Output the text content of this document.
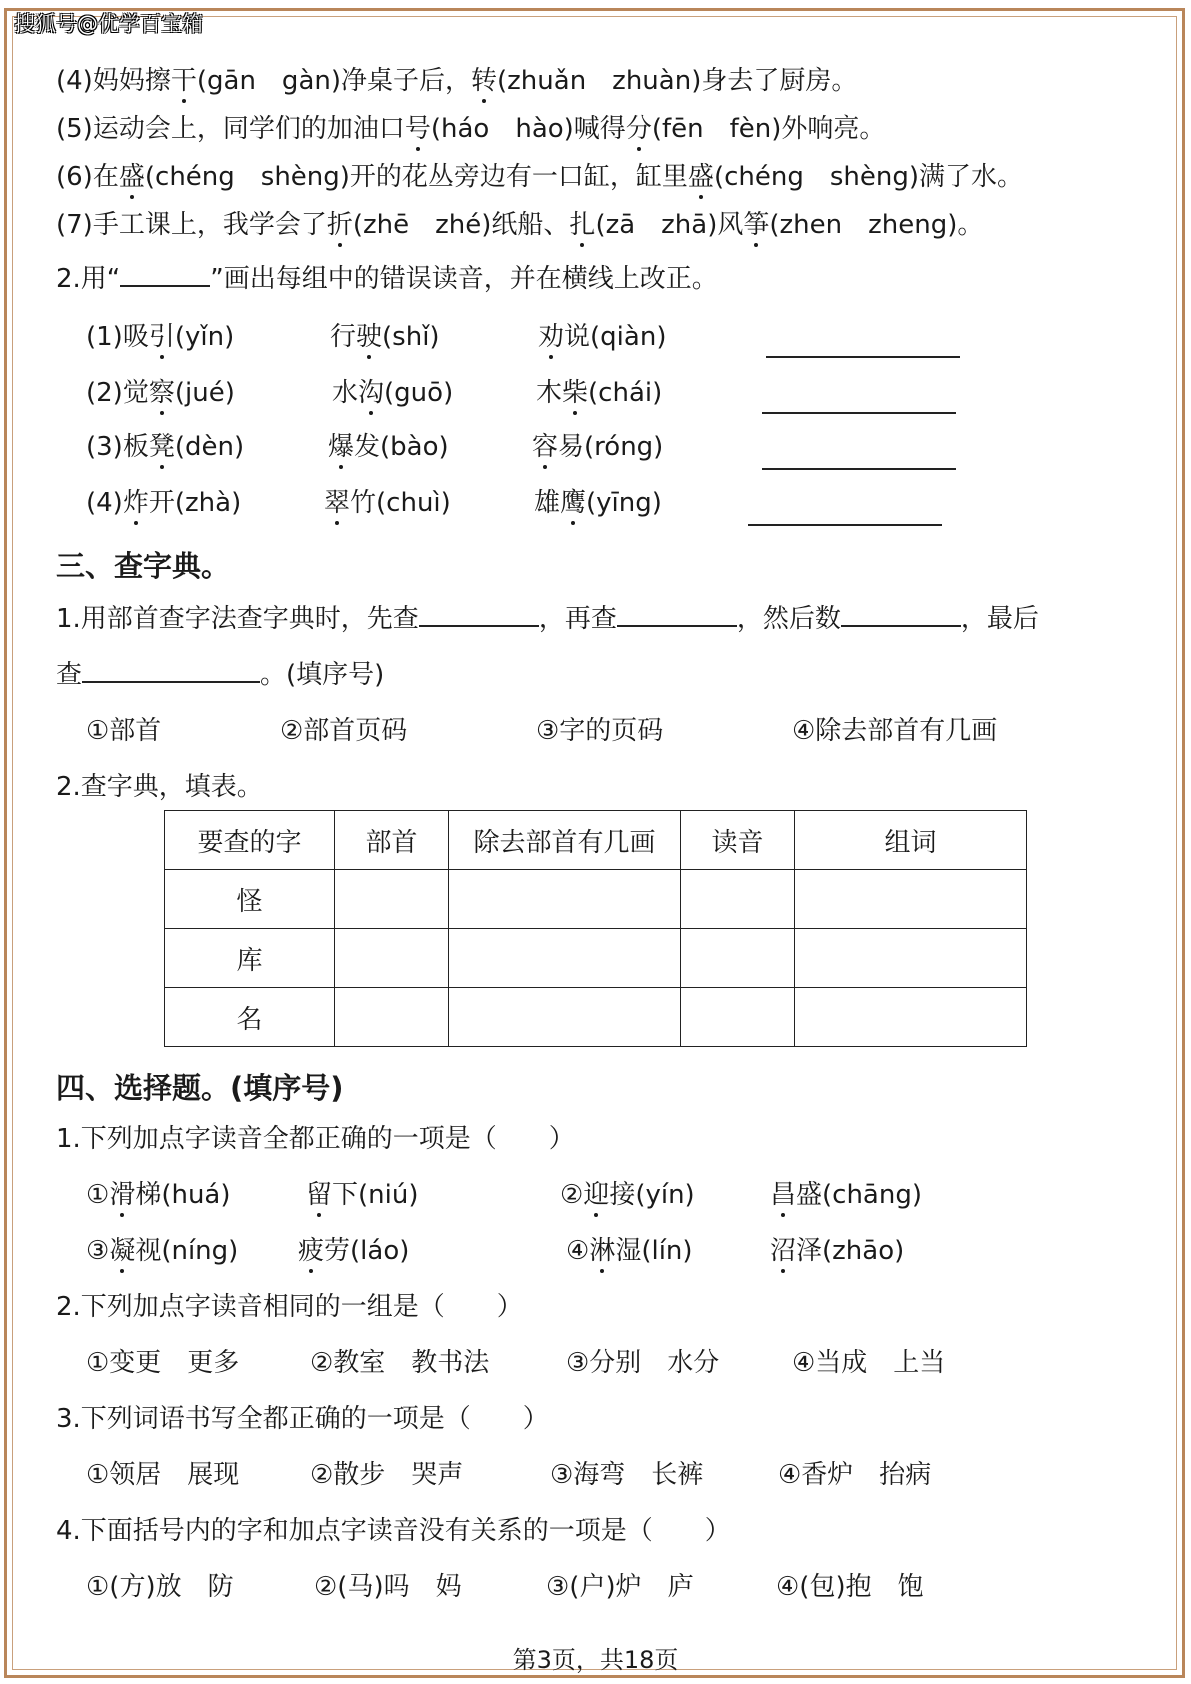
搜狐号@优学百宝箱
(4)妈妈擦干(gān　gàn)净桌子后，转(zhuǎn　zhuàn)身去了厨房。
(5)运动会上，同学们的加油口号(háo　hào)喊得分(fēn　fèn)外响亮。
(6)在盛(chéng　shèng)开的花丛旁边有一口缸，缸里盛(chéng　shèng)满了水。
(7)手工课上，我学会了折(zhē　zhé)纸船、扎(zā　zhā)风筝(zhen　zheng)。
2.用“	”画出每组中的错误读音，并在横线上改正。
(1)吸引(yǐn)	行驶(shǐ)	劝说(qiàn)
(2)觉察(jué)	水沟(guō)	木柴(chái)
(3)板凳(dèn)	爆发(bào)	容易(róng)
(4)炸开(zhà)	翠竹(chuì)	雄鹰(yīng)
三、查字典。
1.用部首查字法查字典时，先查	，再查	，然后数	，最后
查	。(填序号)
①部首	②部首页码	③字的页码	④除去部首有几画
2.查字典，填表。
要查的字	部首	除去部首有几画	读音	组词
怪				
库				
名				
四、选择题。(填序号)
1.下列加点字读音全都正确的一项是（　　）
①滑梯(huá)	留下(niú)	②迎接(yín)	昌盛(chāng)
③凝视(níng) 疲劳(láo)	④淋湿(lín)	沼泽(zhāo)
2.下列加点字读音相同的一组是（　　）
①变更　更多	②教室　教书法	③分别　水分	④当成　上当
3.下列词语书写全都正确的一项是（　　）
①领居　展现	②散步　哭声	③海弯　长裤	④香炉　抬病
4.下面括号内的字和加点字读音没有关系的一项是（　　）
①(方)放　防	②(马)吗　妈	③(户)炉　庐	④(包)抱　饱
第3页，共18页
